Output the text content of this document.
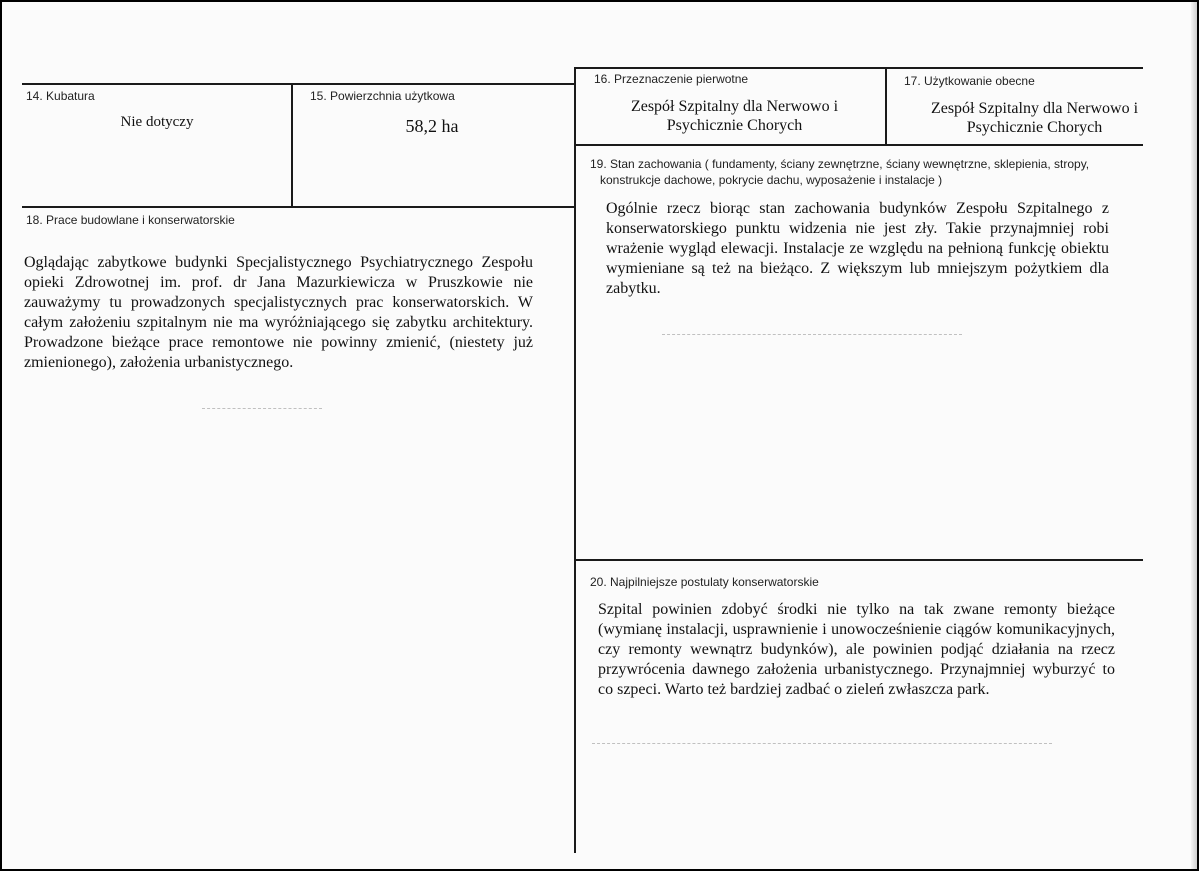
14. Kubatura
Nie dotyczy
15. Powierzchnia użytkowa
58,2 ha
16. Przeznaczenie pierwotne
Zespół Szpitalny dla Nerwowo i Psychicznie Chorych
17. Użytkowanie obecne
Zespół Szpitalny dla Nerwowo i Psychicznie Chorych
18. Prace budowlane i konserwatorskie
Oglądając zabytkowe budynki Specjalistycznego Psychiatrycznego Zespołu opieki Zdrowotnej im. prof. dr Jana Mazurkiewicza w Pruszkowie nie zauważymy tu prowadzonych specjalistycznych prac konserwatorskich. W całym założeniu szpitalnym nie ma wyróżniającego się zabytku architektury. Prowadzone bieżące prace remontowe nie powinny zmienić, (niestety już zmienionego), założenia urbanistycznego.
19. Stan zachowania ( fundamenty, ściany zewnętrzne, ściany wewnętrzne, sklepienia, stropy,
konstrukcje dachowe, pokrycie dachu, wyposażenie i instalacje )
Ogólnie rzecz biorąc stan zachowania budynków Zespołu Szpitalnego z konserwatorskiego punktu widzenia nie jest zły. Takie przynajmniej robi wrażenie wygląd elewacji. Instalacje ze względu na pełnioną funkcję obiektu wymieniane są też na bieżąco. Z większym lub mniejszym pożytkiem dla zabytku.
20. Najpilniejsze postulaty konserwatorskie
Szpital powinien zdobyć środki nie tylko na tak zwane remonty bieżące (wymianę instalacji, usprawnienie i unowocześnienie ciągów komunikacyjnych, czy remonty wewnątrz budynków), ale powinien podjąć działania na rzecz przywrócenia dawnego założenia urbanistycznego. Przynajmniej wyburzyć to co szpeci. Warto też bardziej zadbać o zieleń zwłaszcza park.
